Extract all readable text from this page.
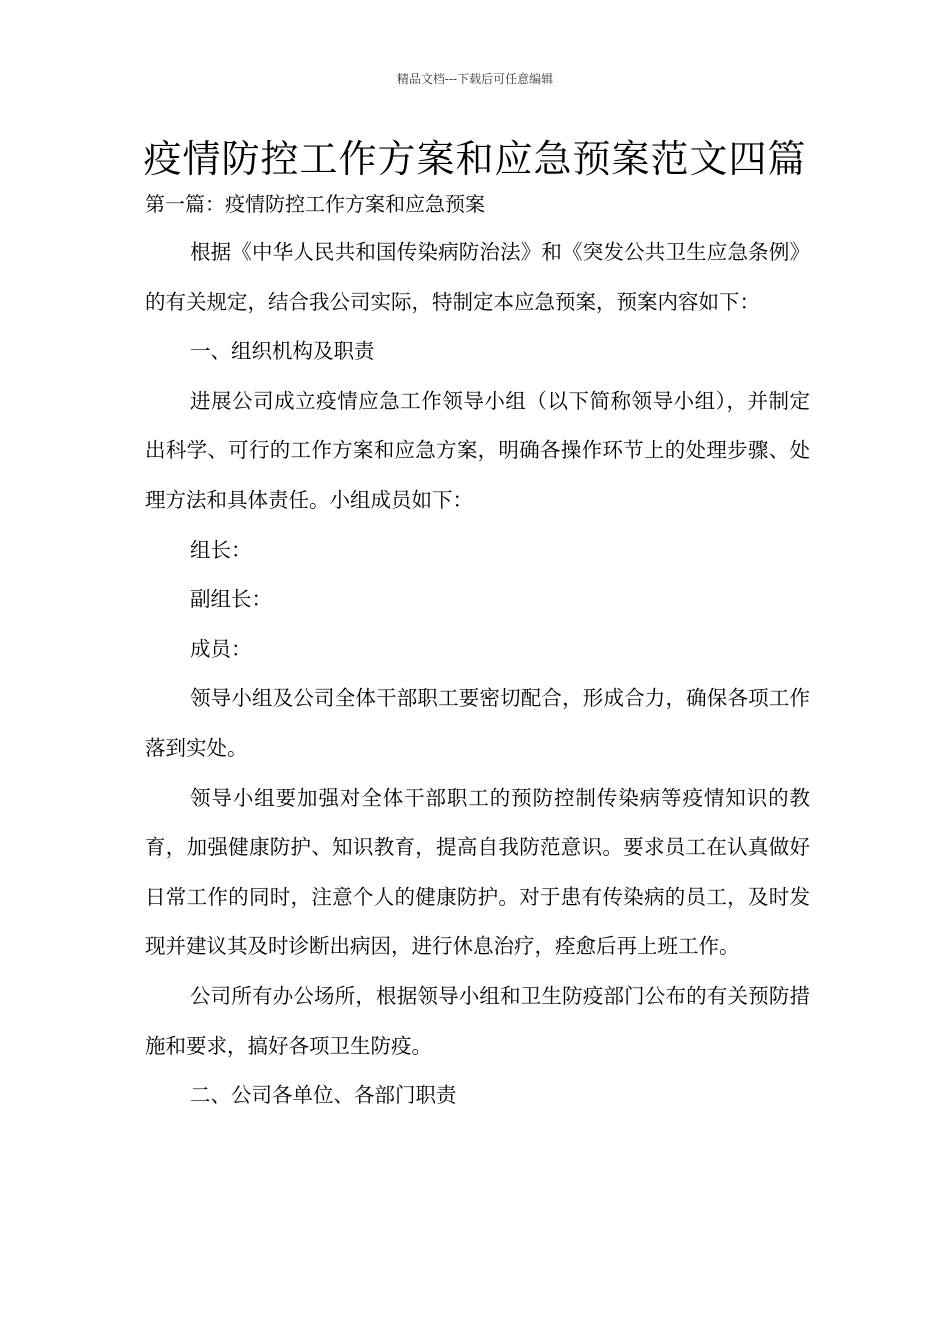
精品文档---下载后可任意编辑
疫情防控工作方案和应急预案范文四篇
第一篇：疫情防控工作方案和应急预案

根据《中华人民共和国传染病防治法》和《突发公共卫生应急条例》的有关规定，结合我公司实际，特制定本应急预案，预案内容如下：

一、组织机构及职责

进展公司成立疫情应急工作领导小组（以下简称领导小组），并制定出科学、可行的工作方案和应急方案，明确各操作环节上的处理步骤、处理方法和具体责任。小组成员如下：

组长：

副组长：

成员：

领导小组及公司全体干部职工要密切配合，形成合力，确保各项工作落到实处。

领导小组要加强对全体干部职工的预防控制传染病等疫情知识的教育，加强健康防护、知识教育，提高自我防范意识。要求员工在认真做好日常工作的同时，注意个人的健康防护。对于患有传染病的员工，及时发现并建议其及时诊断出病因，进行休息治疗，痊愈后再上班工作。

公司所有办公场所，根据领导小组和卫生防疫部门公布的有关预防措施和要求，搞好各项卫生防疫。

二、公司各单位、各部门职责
